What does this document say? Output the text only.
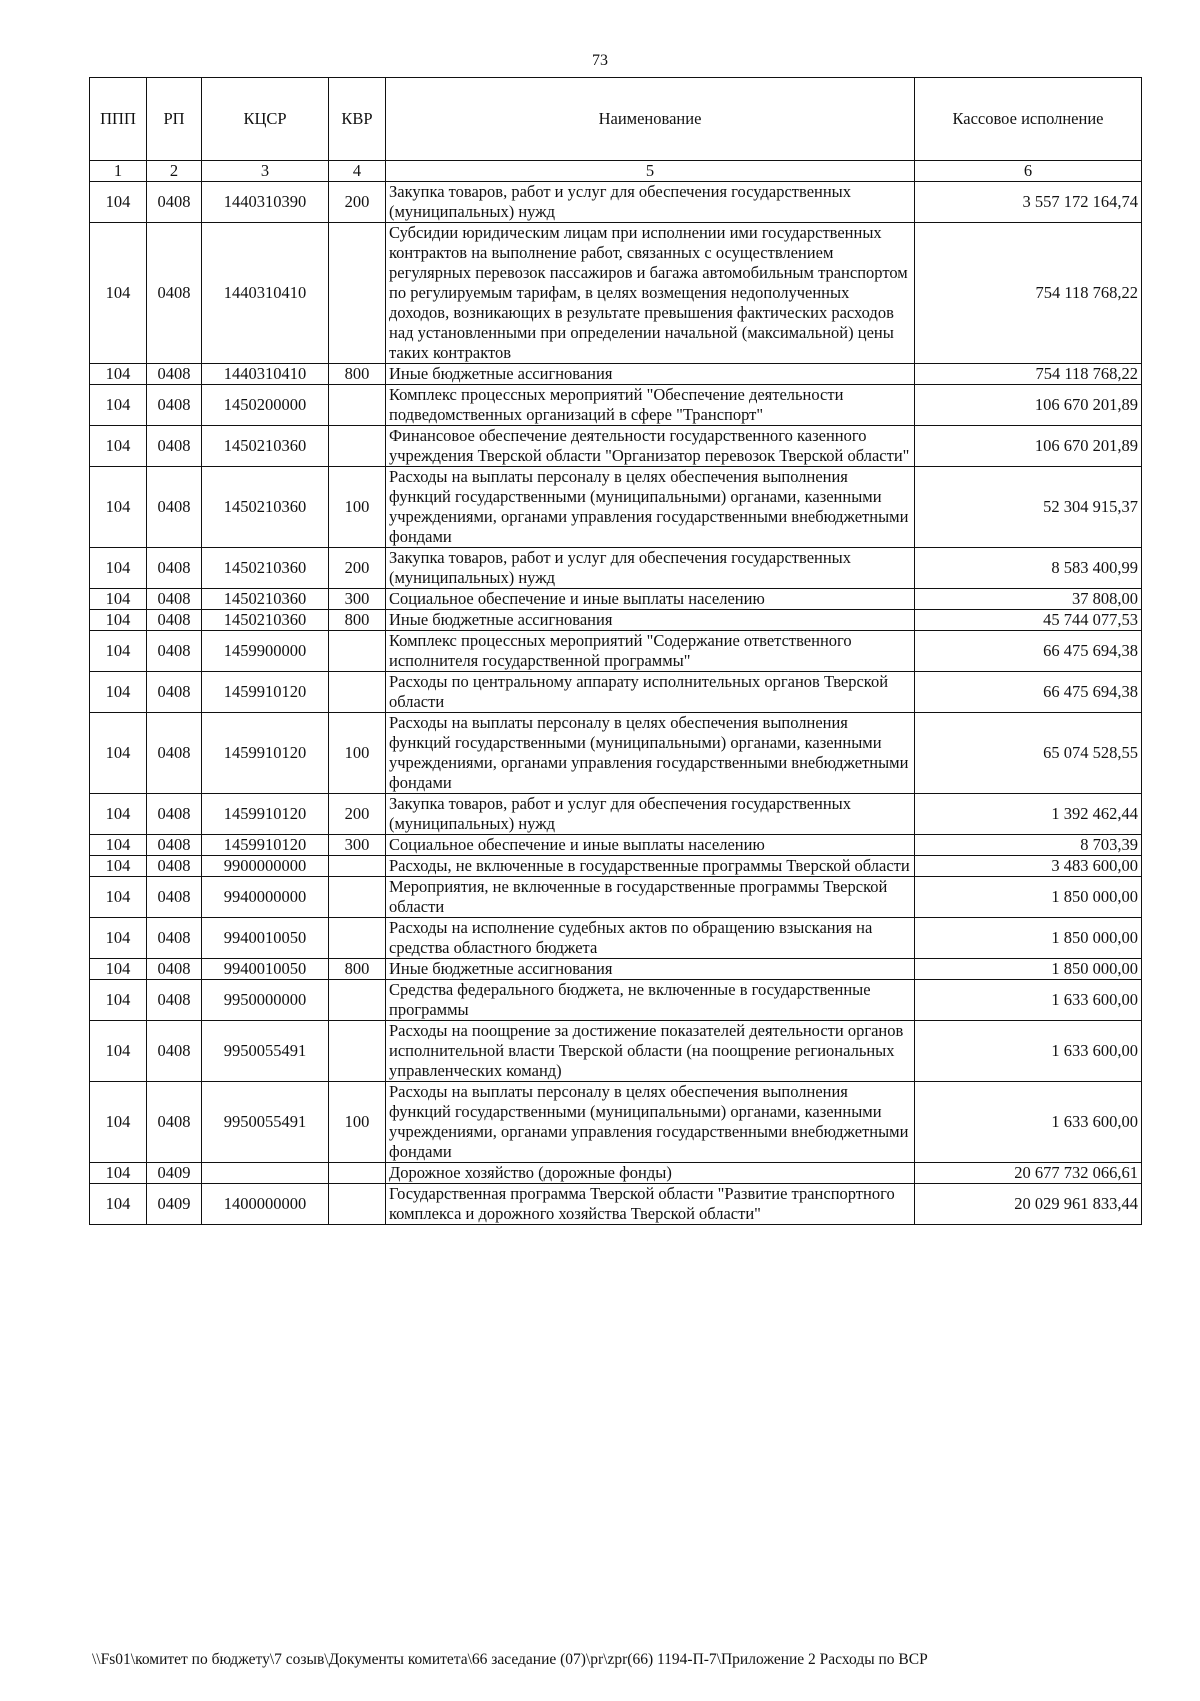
73
ППП	РП	КЦСР	КВР	Наименование	Кассовое исполнение
1	2	3	4	5	6
104	0408	1440310390	200	Закупка товаров, работ и услуг для обеспечения государственных (муниципальных) нужд	3 557 172 164,74
104	0408	1440310410		Субсидии юридическим лицам при исполнении ими государственных контрактов на выполнение работ, связанных с осуществлением регулярных перевозок пассажиров и багажа автомобильным транспортом по регулируемым тарифам, в целях возмещения недополученных доходов, возникающих в результате превышения фактических расходов над установленными при определении начальной (максимальной) цены таких контрактов	754 118 768,22
104	0408	1440310410	800	Иные бюджетные ассигнования	754 118 768,22
104	0408	1450200000		Комплекс процессных мероприятий "Обеспечение деятельности подведомственных организаций в сфере "Транспорт"	106 670 201,89
104	0408	1450210360		Финансовое обеспечение деятельности государственного казенного учреждения Тверской области "Организатор перевозок Тверской области"	106 670 201,89
104	0408	1450210360	100	Расходы на выплаты персоналу в целях обеспечения выполнения функций государственными (муниципальными) органами, казенными учреждениями, органами управления государственными внебюджетными фондами	52 304 915,37
104	0408	1450210360	200	Закупка товаров, работ и услуг для обеспечения государственных (муниципальных) нужд	8 583 400,99
104	0408	1450210360	300	Социальное обеспечение и иные выплаты населению	37 808,00
104	0408	1450210360	800	Иные бюджетные ассигнования	45 744 077,53
104	0408	1459900000		Комплекс процессных мероприятий "Содержание ответственного исполнителя государственной программы"	66 475 694,38
104	0408	1459910120		Расходы по центральному аппарату исполнительных органов Тверской области	66 475 694,38
104	0408	1459910120	100	Расходы на выплаты персоналу в целях обеспечения выполнения функций государственными (муниципальными) органами, казенными учреждениями, органами управления государственными внебюджетными фондами	65 074 528,55
104	0408	1459910120	200	Закупка товаров, работ и услуг для обеспечения государственных (муниципальных) нужд	1 392 462,44
104	0408	1459910120	300	Социальное обеспечение и иные выплаты населению	8 703,39
104	0408	9900000000		Расходы, не включенные в государственные программы Тверской области	3 483 600,00
104	0408	9940000000		Мероприятия, не включенные в государственные программы Тверской области	1 850 000,00
104	0408	9940010050		Расходы на исполнение судебных актов по обращению взыскания на средства областного бюджета	1 850 000,00
104	0408	9940010050	800	Иные бюджетные ассигнования	1 850 000,00
104	0408	9950000000		Средства федерального бюджета, не включенные в государственные программы	1 633 600,00
104	0408	9950055491		Расходы на поощрение за достижение показателей деятельности органов исполнительной власти Тверской области (на поощрение региональных управленческих команд)	1 633 600,00
104	0408	9950055491	100	Расходы на выплаты персоналу в целях обеспечения выполнения функций государственными (муниципальными) органами, казенными учреждениями, органами управления государственными внебюджетными фондами	1 633 600,00
104	0409			Дорожное хозяйство (дорожные фонды)	20 677 732 066,61
104	0409	1400000000		Государственная программа Тверской области "Развитие транспортного комплекса и дорожного хозяйства Тверской области"	20 029 961 833,44
\\Fs01\комитет по бюджету\7 созыв\Документы комитета\66 заседание (07)\pr\zpr(66) 1194-П-7\Приложение 2 Расходы по ВСР
